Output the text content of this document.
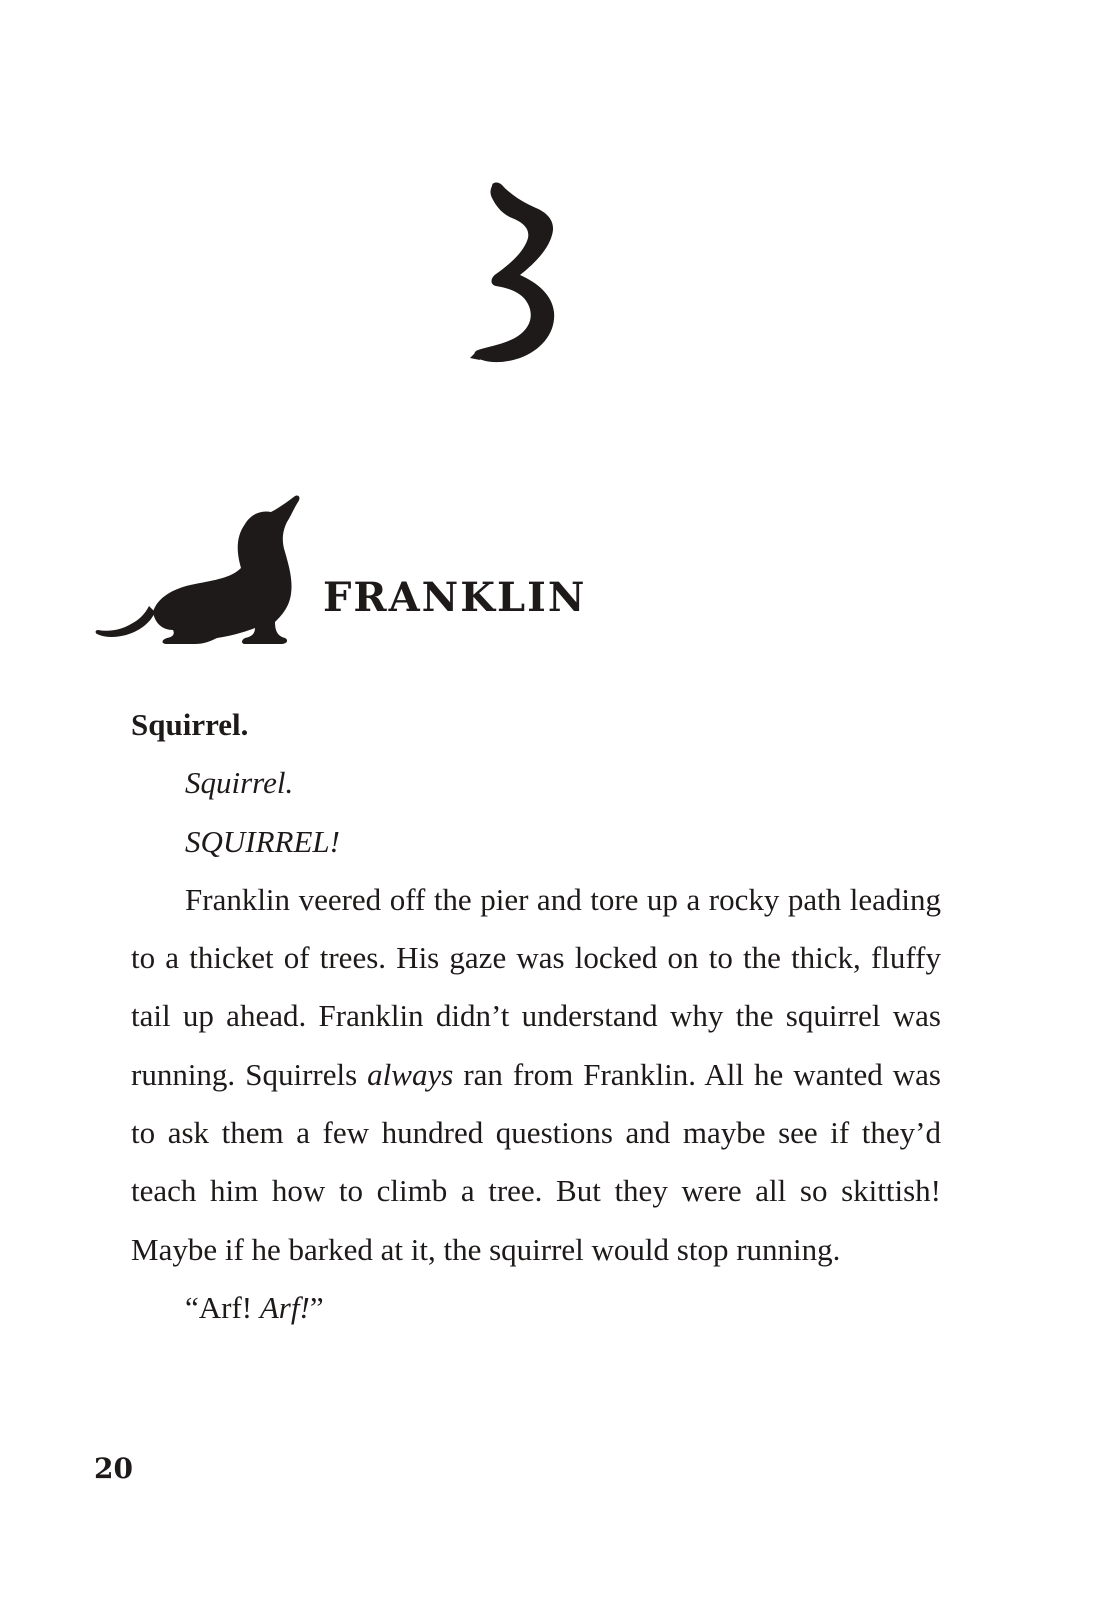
FRANKLIN

Squirrel.

Squirrel.

SQUIRREL!

Franklin veered off the pier and tore up a rocky path leading to a thicket of trees. His gaze was locked on to the thick, fluffy tail up ahead. Franklin didn’t understand why the squirrel was running. Squirrels always ran from Franklin. All he wanted was to ask them a few hundred questions and maybe see if they’d teach him how to climb a tree. But they were all so skittish! Maybe if he barked at it, the squirrel would stop running.

“Arf! Arf!”

20
